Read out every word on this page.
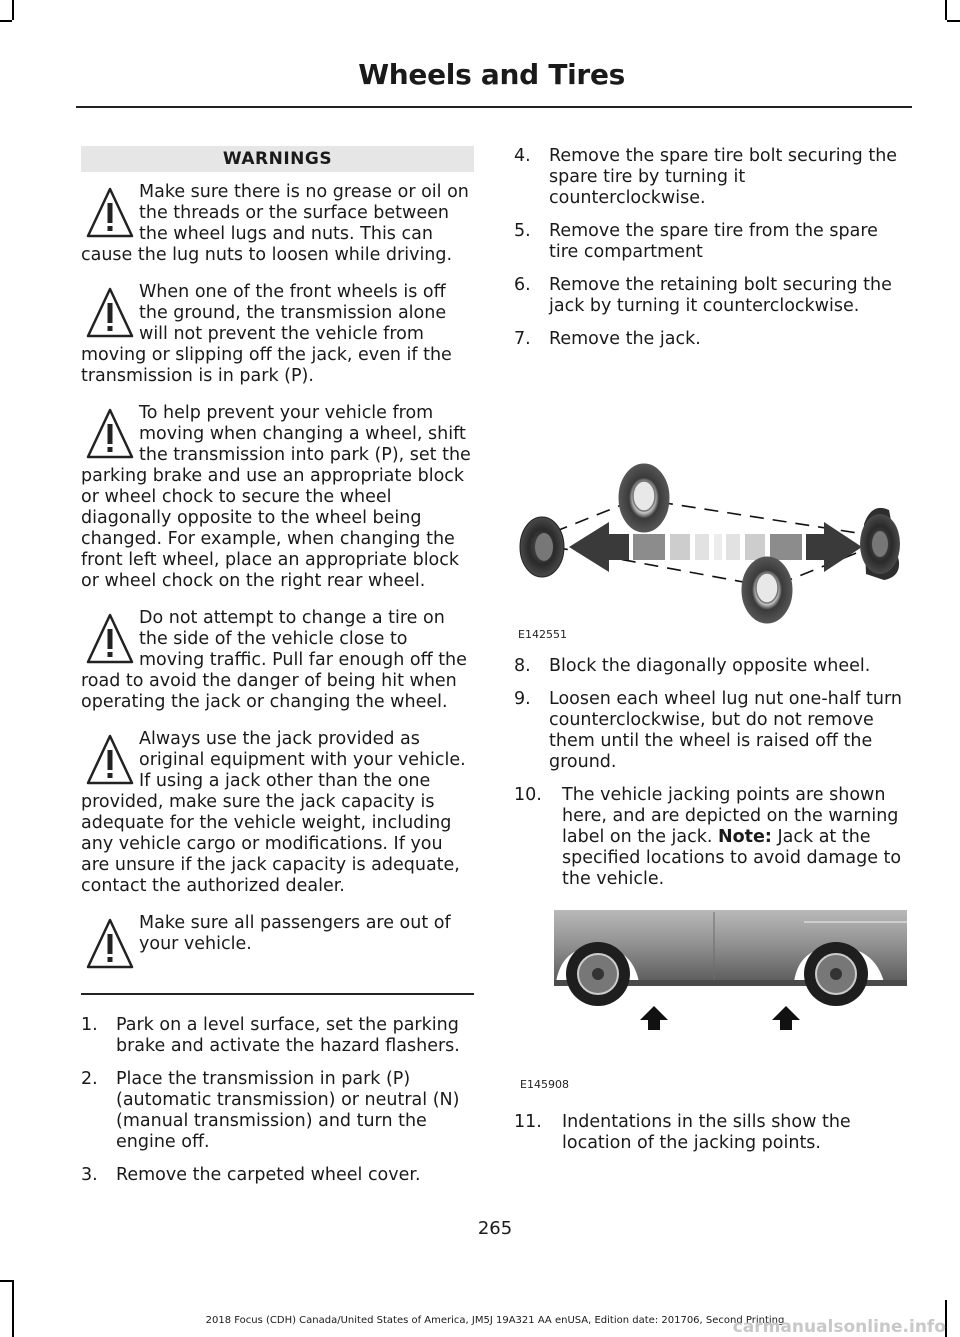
Wheels and Tires
WARNINGS

Make sure there is no grease or oil on the threads or the surface between the wheel lugs and nuts. This can cause the lug nuts to loosen while driving.

When one of the front wheels is off the ground, the transmission alone will not prevent the vehicle from moving or slipping off the jack, even if the transmission is in park (P).

To help prevent your vehicle from moving when changing a wheel, shift the transmission into park (P), set the parking brake and use an appropriate block or wheel chock to secure the wheel diagonally opposite to the wheel being changed. For example, when changing the front left wheel, place an appropriate block or wheel chock on the right rear wheel.

Do not attempt to change a tire on the side of the vehicle close to moving traffic. Pull far enough off the road to avoid the danger of being hit when operating the jack or changing the wheel.

Always use the jack provided as original equipment with your vehicle. If using a jack other than the one provided, make sure the jack capacity is adequate for the vehicle weight, including any vehicle cargo or modifications. If you are unsure if the jack capacity is adequate, contact the authorized dealer.

Make sure all passengers are out of your vehicle.

1. Park on a level surface, set the parking brake and activate the hazard flashers.
2. Place the transmission in park (P) (automatic transmission) or neutral (N) (manual transmission) and turn the engine off.
3. Remove the carpeted wheel cover.
4. Remove the spare tire bolt securing the spare tire by turning it counterclockwise.
5. Remove the spare tire from the spare tire compartment
6. Remove the retaining bolt securing the jack by turning it counterclockwise.
7. Remove the jack.
E142551
8. Block the diagonally opposite wheel.
9. Loosen each wheel lug nut one-half turn counterclockwise, but do not remove them until the wheel is raised off the ground.
10. The vehicle jacking points are shown here, and are depicted on the warning label on the jack. Note: Jack at the specified locations to avoid damage to the vehicle.
E145908
11. Indentations in the sills show the location of the jacking points.
265
2018 Focus (CDH) Canada/United States of America, JM5J 19A321 AA enUSA, Edition date: 201706, Second Printing
carmanualsonline.info
